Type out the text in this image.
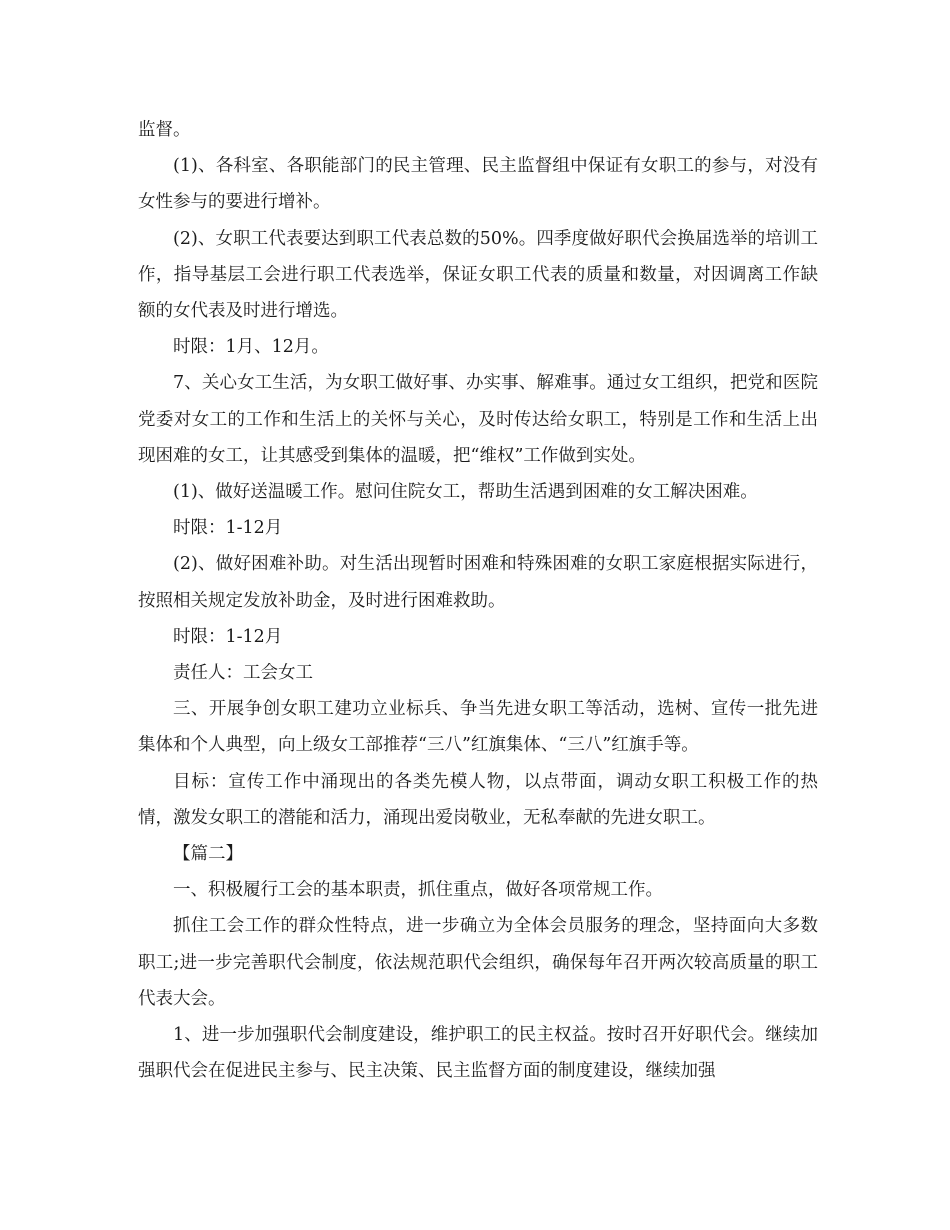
监督。

(1)、各科室、各职能部门的民主管理、民主监督组中保证有女职工的参与，对没有女性参与的要进行增补。

(2)、女职工代表要达到职工代表总数的50%。四季度做好职代会换届选举的培训工作，指导基层工会进行职工代表选举，保证女职工代表的质量和数量，对因调离工作缺额的女代表及时进行增选。

时限：1月、12月。

7、关心女工生活，为女职工做好事、办实事、解难事。通过女工组织，把党和医院党委对女工的工作和生活上的关怀与关心，及时传达给女职工，特别是工作和生活上出现困难的女工，让其感受到集体的温暖，把“维权”工作做到实处。

(1)、做好送温暖工作。慰问住院女工，帮助生活遇到困难的女工解决困难。

时限：1-12月

(2)、做好困难补助。对生活出现暂时困难和特殊困难的女职工家庭根据实际进行，按照相关规定发放补助金，及时进行困难救助。

时限：1-12月

责任人：工会女工

三、开展争创女职工建功立业标兵、争当先进女职工等活动，选树、宣传一批先进集体和个人典型，向上级女工部推荐“三八”红旗集体、“三八”红旗手等。

目标：宣传工作中涌现出的各类先模人物，以点带面，调动女职工积极工作的热情，激发女职工的潜能和活力，涌现出爱岗敬业，无私奉献的先进女职工。

【篇二】

一、积极履行工会的基本职责，抓住重点，做好各项常规工作。

抓住工会工作的群众性特点，进一步确立为全体会员服务的理念，坚持面向大多数职工;进一步完善职代会制度，依法规范职代会组织，确保每年召开两次较高质量的职工代表大会。

1、进一步加强职代会制度建设，维护职工的民主权益。按时召开好职代会。继续加强职代会在促进民主参与、民主决策、民主监督方面的制度建设，继续加强
